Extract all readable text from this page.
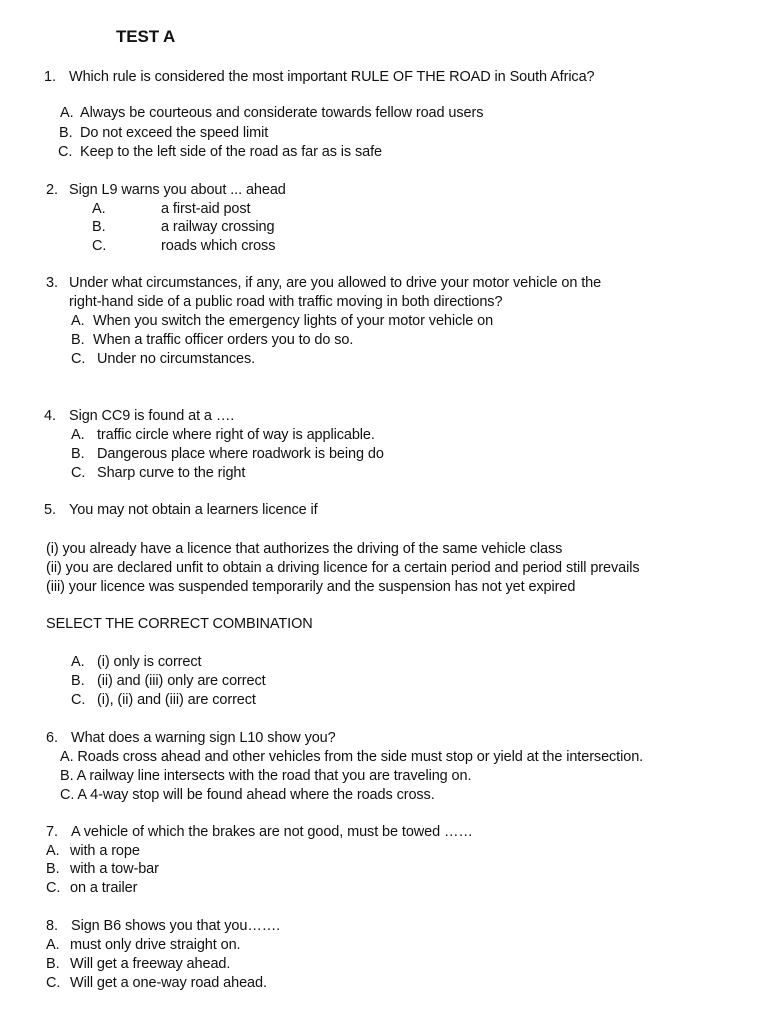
TEST A
1. Which rule is considered the most important RULE OF THE ROAD in South Africa?
A. Always be courteous and considerate towards fellow road users
B. Do not exceed the speed limit
C. Keep to the left side of the road as far as is safe
2. Sign L9 warns you about ... ahead
A.	a first-aid post
B.	a railway crossing
C.	roads which cross
3. Under what circumstances, if any, are you allowed to drive your motor vehicle on the
right-hand side of a public road with traffic moving in both directions?
A. When you switch the emergency lights of your motor vehicle on
B. When a traffic officer orders you to do so.
C. Under no circumstances.
4. Sign CC9 is found at a ….
A. traffic circle where right of way is applicable.
B. Dangerous place where roadwork is being do
C. Sharp curve to the right
5. You may not obtain a learners licence if
(i) you already have a licence that authorizes the driving of the same vehicle class
(ii) you are declared unfit to obtain a driving licence for a certain period and period still prevails
(iii) your licence was suspended temporarily and the suspension has not yet expired
SELECT THE CORRECT COMBINATION
A. (i) only is correct
B. (ii) and (iii) only are correct
C. (i), (ii) and (iii) are correct
6. What does a warning sign L10 show you?
A. Roads cross ahead and other vehicles from the side must stop or yield at the intersection.
B. A railway line intersects with the road that you are traveling on.
C. A 4-way stop will be found ahead where the roads cross.
7. A vehicle of which the brakes are not good, must be towed ……
A. with a rope
B. with a tow-bar
C. on a trailer
8. Sign B6 shows you that you…….
A. must only drive straight on.
B. Will get a freeway ahead.
C. Will get a one-way road ahead.
